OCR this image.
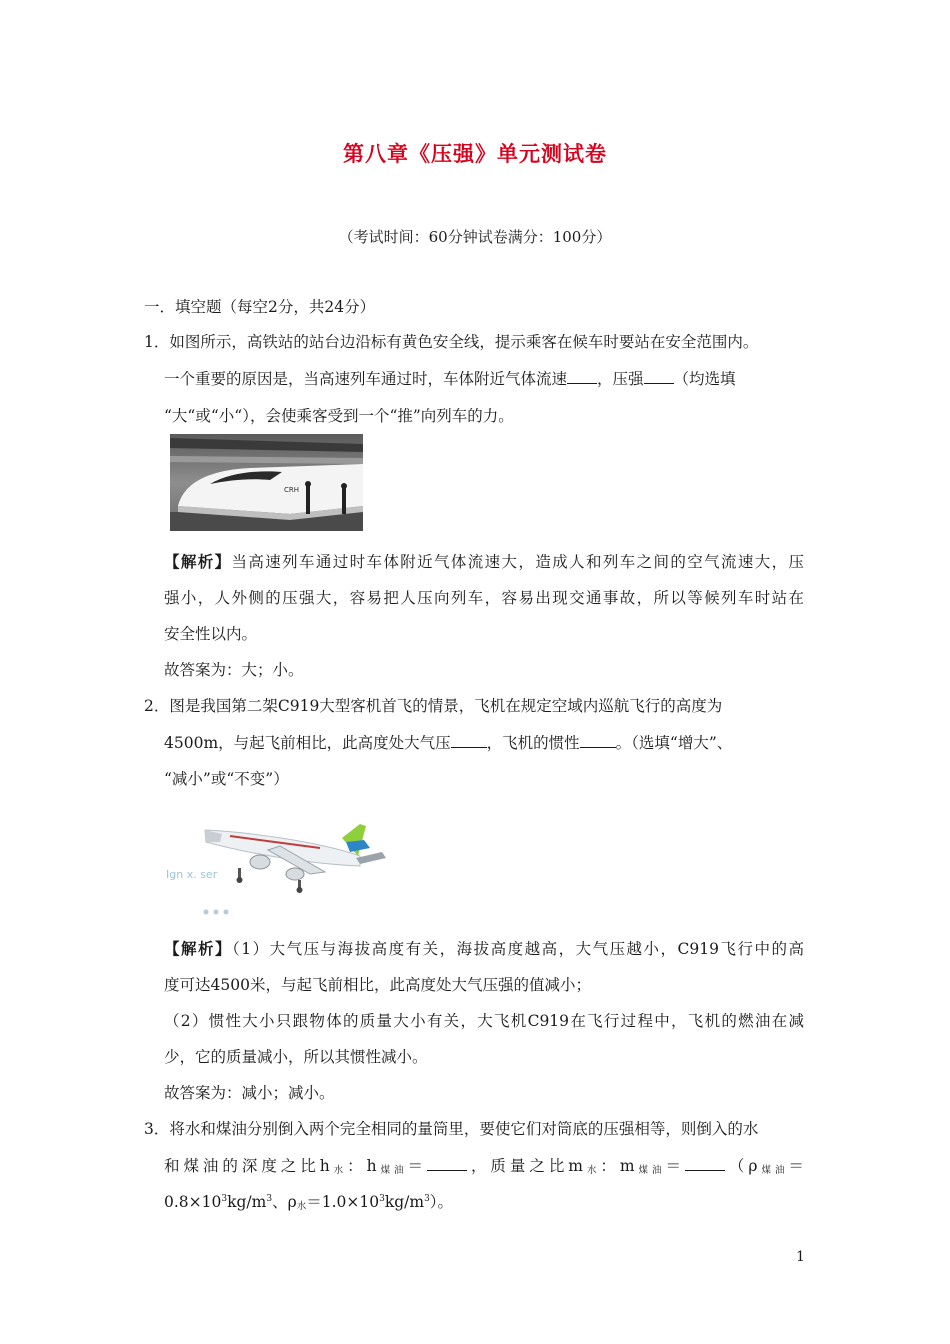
第八章《压强》单元测试卷
（考试时间：60分钟试卷满分：100分）
一．填空题（每空2分，共24分）
1．如图所示，高铁站的站台边沿标有黄色安全线，提示乘客在候车时要站在安全范围内。
一个重要的原因是，当高速列车通过时，车体附近气体流速 ，压强 （均选填
“大“或“小“），会使乘客受到一个“推”向列车的力。
CRH
【解析】当高速列车通过时车体附近气体流速大，造成人和列车之间的空气流速大，压
强小，人外侧的压强大，容易把人压向列车，容易出现交通事故，所以等候列车时站在
安全性以内。
故答案为：大；小。
2．图是我国第二架C919大型客机首飞的情景，飞机在规定空域内巡航飞行的高度为
4500m，与起飞前相比，此高度处大气压 ，飞机的惯性 。（选填“增大”、
“减小”或“不变”）
Ign x. ser
【解析】（1）大气压与海拔高度有关，海拔高度越高，大气压越小，C919飞行中的高
度可达4500米，与起飞前相比，此高度处大气压强的值减小；
（2）惯性大小只跟物体的质量大小有关，大飞机C919在飞行过程中，飞机的燃油在减
少，它的质量减小，所以其惯性减小。
故答案为：减小；减小。
3．将水和煤油分别倒入两个完全相同的量筒里，要使它们对筒底的压强相等，则倒入的水
和煤油的深度之比$h_水$：$h_{煤油}=$	，质量之比$m_水$：$m_{煤油}=$	（$\rho_{煤油}=$
$0.8\times 10^3kg/m^3$、$\rho_水=1.0\times 10^3kg/m^3$）。
1
